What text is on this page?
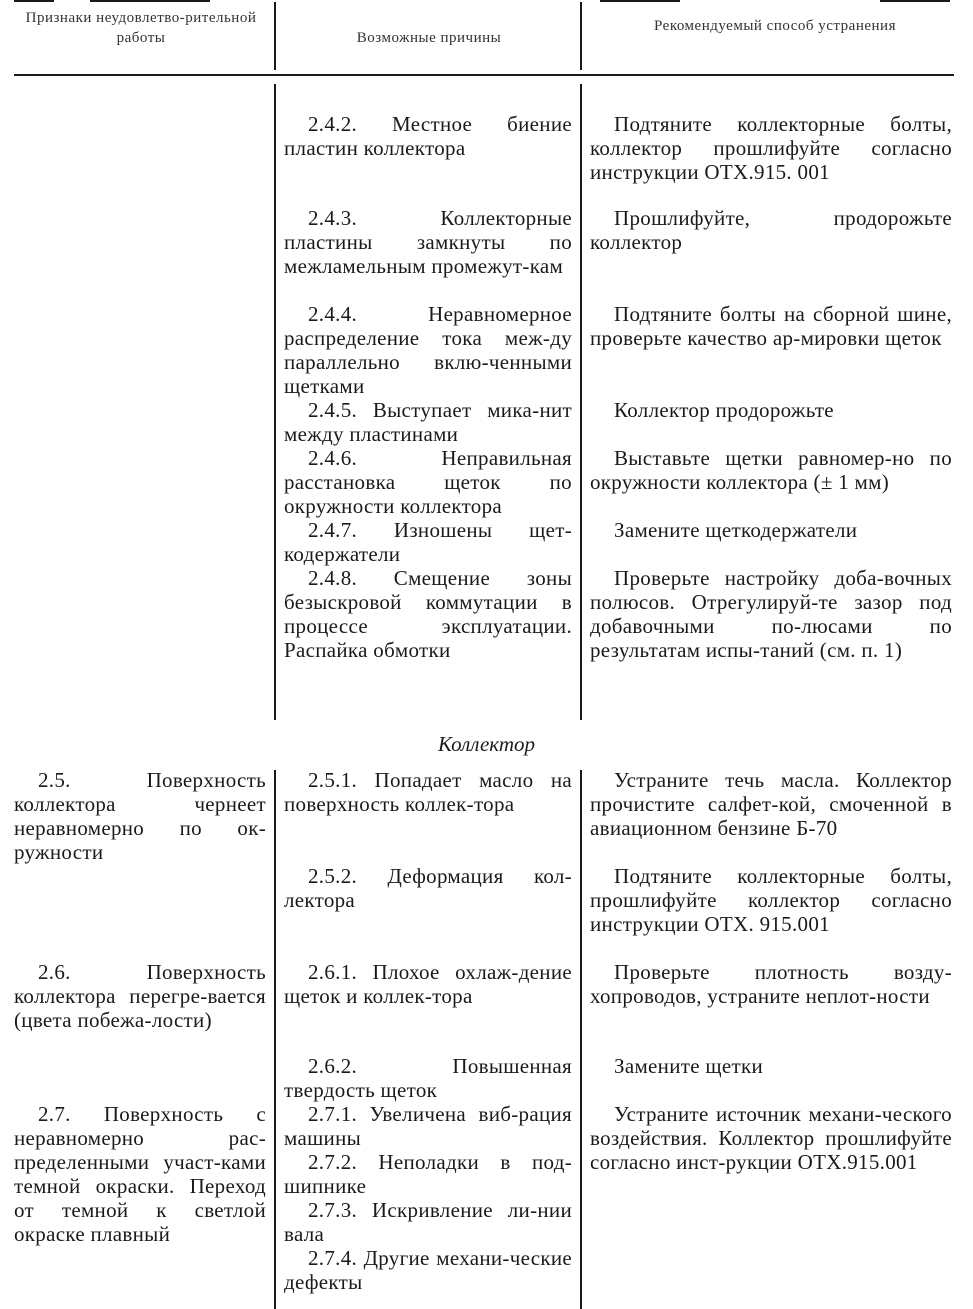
Признаки неудовлетво-рительной работы	Возможные причины
Рекомендуемый способ устранения

2.4.2. Местное биение пластин коллектора

Подтяните коллекторные болты, коллектор прошлифуйте согласно инструкции ОТХ.915. 001

2.4.3. Коллекторные пластины замкнуты по межламельным промежут-кам

Прошлифуйте, продорожьте коллектор

2.4.4. Неравномерное распределение тока меж-ду параллельно вклю-ченными щетками

Подтяните болты на сборной шине, проверьте качество ар-мировки щеток

2.4.5. Выступает мика-нит между пластинами

Коллектор продорожьте

2.4.6. Неправильная расстановка щеток по окружности коллектора

Выставьте щетки равномер-но по окружности коллектора (± 1 мм)

2.4.7. Изношены щет-кодержатели

Замените щеткодержатели

2.4.8. Смещение зоны безыскровой коммутации в процессе эксплуатации. Распайка обмотки

Проверьте настройку доба-вочных полюсов. Отрегулируй-те зазор под добавочными по-люсами по результатам испы-таний (см. п. 1)

Коллектор

2.5. Поверхность коллектора чернеет неравномерно по ок-ружности

2.5.1. Попадает масло на поверхность коллек-тора

Устраните течь масла. Коллектор прочистите салфет-кой, смоченной в авиационном бензине Б-70

2.5.2. Деформация кол-лектора

Подтяните коллекторные болты, прошлифуйте коллектор согласно инструкции ОТХ. 915.001

2.6. Поверхность коллектора перегре-вается (цвета побежа-лости)

2.6.1. Плохое охлаж-дение щеток и коллек-тора

Проверьте плотность возду-хопроводов, устраните неплот-ности

2.6.2. Повышенная твердость щеток

Замените щетки

2.7. Поверхность с неравномерно рас-пределенными участ-ками темной окраски. Переход от темной к светлой окраске плавный

2.7.1. Увеличена виб-рация машины

Устраните источник механи-ческого воздействия. Коллектор прошлифуйте согласно инст-рукции ОТХ.915.001

2.7.2. Неполадки в под-шипнике

2.7.3. Искривление ли-нии вала

2.7.4. Другие механи-ческие дефекты
